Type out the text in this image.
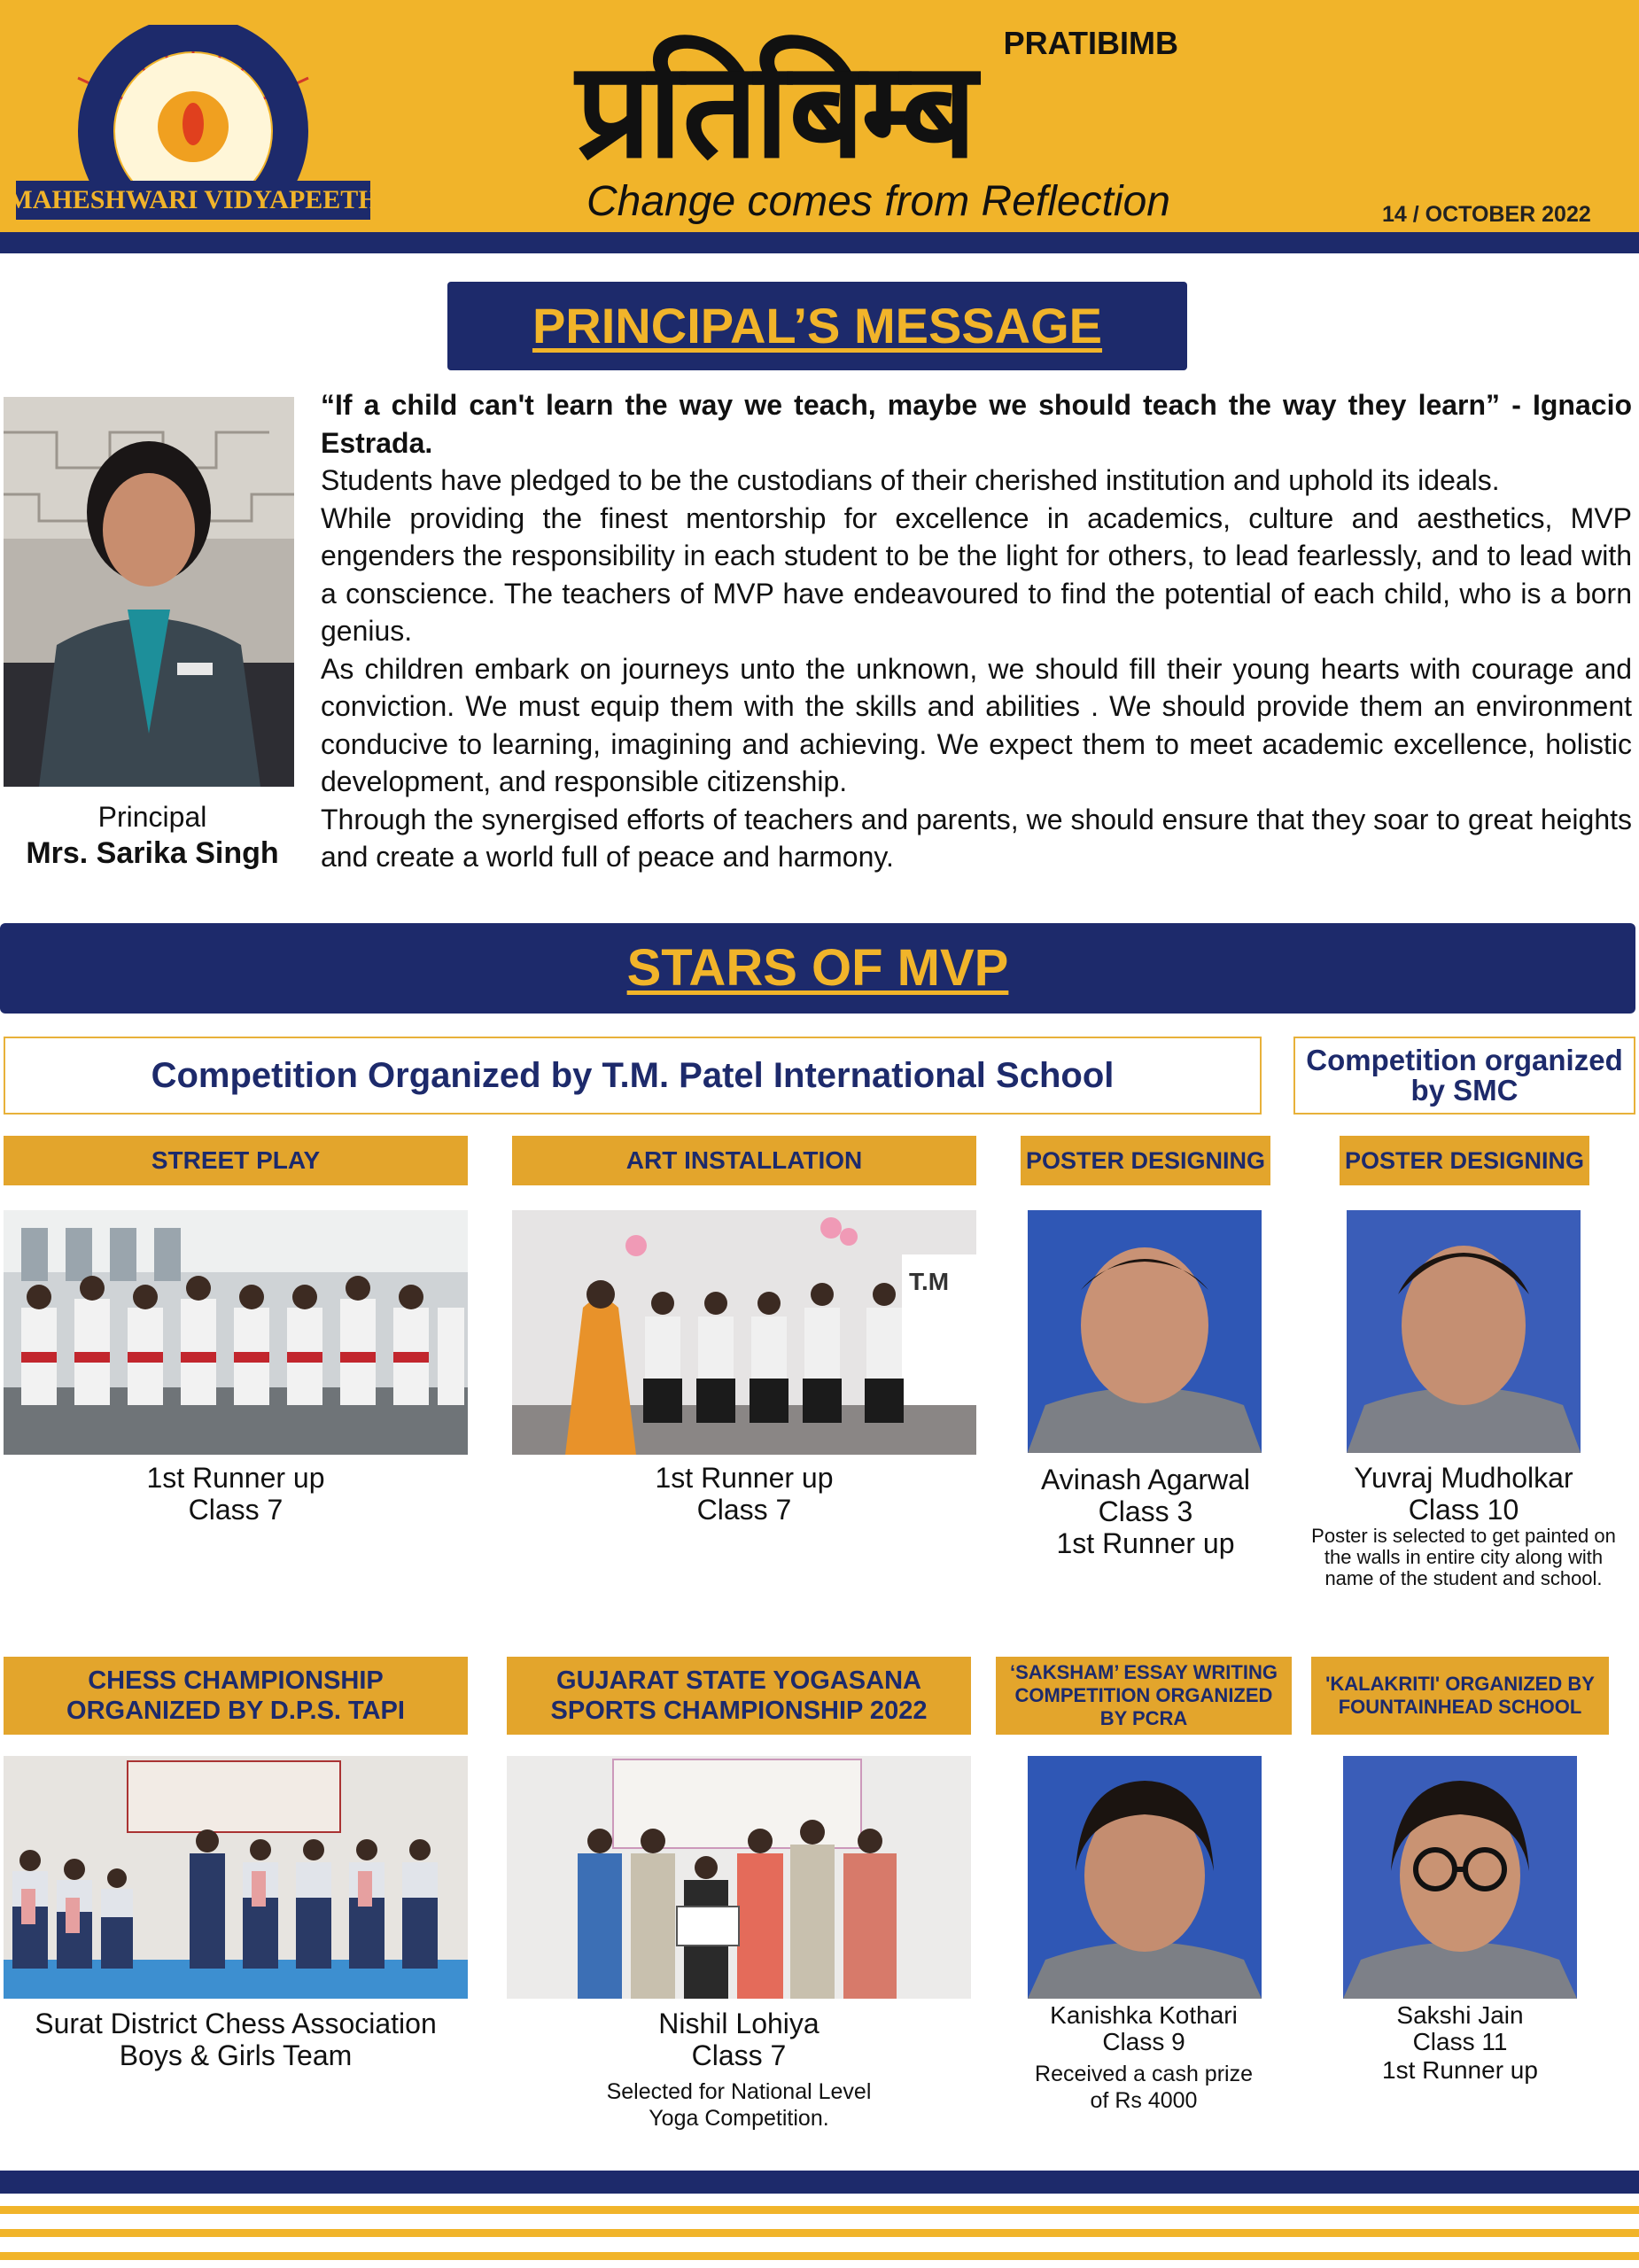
MAHESHWARI VIDYAPEETH
PRATIBIMB
प्रतिबिम्ब
Change comes from Reflection	14 / OCTOBER 2022
PRINCIPAL’S MESSAGE
Principal
Mrs. Sarika Singh

“If a child can't learn the way we teach, maybe we should teach the way they learn” - Ignacio Estrada.

Students have pledged to be the custodians of their cherished institution and uphold its ideals.

While providing the finest mentorship for excellence in academics, culture and aesthetics, MVP engenders the responsibility in each student to be the light for others, to lead fearlessly, and to lead with a conscience. The teachers of MVP have endeavoured to find the potential of each child, who is a born genius.

As children embark on journeys unto the unknown, we should fill their young hearts with courage and conviction. We must equip them with the skills and abilities . We should provide them an environment conducive to learning, imagining and achieving. We expect them to meet academic excellence, holistic development, and responsible citizenship.

Through the synergised efforts of teachers and parents, we should ensure that they soar to great heights and create a world full of peace and harmony.

STARS OF MVP
Competition Organized by T.M. Patel International School	Competition organized by SMC
STREET PLAY	ART INSTALLATION	POSTER DESIGNING	POSTER DESIGNING
T.M
1st Runner up
Class 7
1st Runner up
Class 7
Avinash Agarwal
Class 3
1st Runner up
Yuvraj Mudholkar
Class 10
Poster is selected to get painted on the walls in entire city along with name of the student and school.
CHESS CHAMPIONSHIP ORGANIZED BY D.P.S. TAPI
GUJARAT STATE YOGASANA SPORTS CHAMPIONSHIP 2022
‘SAKSHAM’ ESSAY WRITING COMPETITION ORGANIZED BY PCRA
'KALAKRITI' ORGANIZED BY FOUNTAINHEAD SCHOOL
Surat District Chess Association
Boys & Girls Team
Nishil Lohiya
Class 7
Selected for National Level Yoga Competition.
Kanishka Kothari
Class 9
Received a cash prize of Rs 4000
Sakshi Jain
Class 11
1st Runner up
